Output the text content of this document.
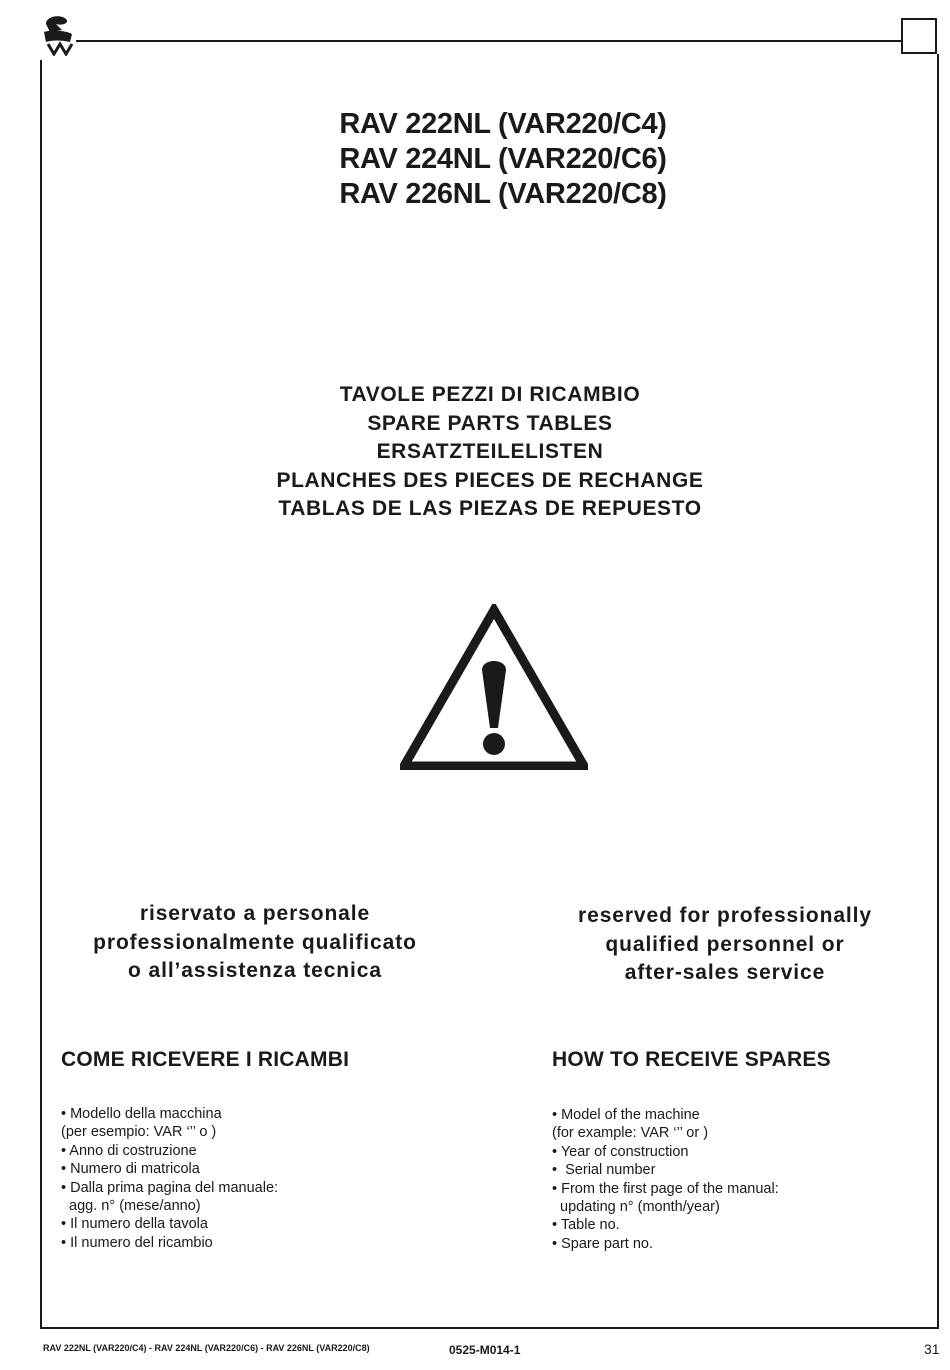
RAV 222NL (VAR220/C4)
RAV 224NL (VAR220/C6)
RAV 226NL (VAR220/C8)
TAVOLE PEZZI DI RICAMBIO
SPARE PARTS TABLES
ERSATZTEILELISTEN
PLANCHES DES PIECES DE RECHANGE
TABLAS DE LAS PIEZAS DE REPUESTO
riservato a personale
professionalmente qualificato
o all’assistenza tecnica
reserved for professionally
qualified personnel or
after-sales service
COME RICEVERE I RICAMBI	HOW TO RECEIVE SPARES
• Modello della macchina
(per esempio: VAR ‘’’ o )
• Anno di costruzione
• Numero di matricola
• Dalla prima pagina del manuale:
agg. n° (mese/anno)
• Il numero della tavola
• Il numero del ricambio
• Model of the machine
(for example: VAR ‘’’ or )
• Year of construction
•  Serial number
• From the first page of the manual:
updating n° (month/year)
• Table no.
• Spare part no.
RAV 222NL (VAR220/C4) - RAV 224NL (VAR220/C6) - RAV 226NL (VAR220/C8)	0525-M014-1	31
